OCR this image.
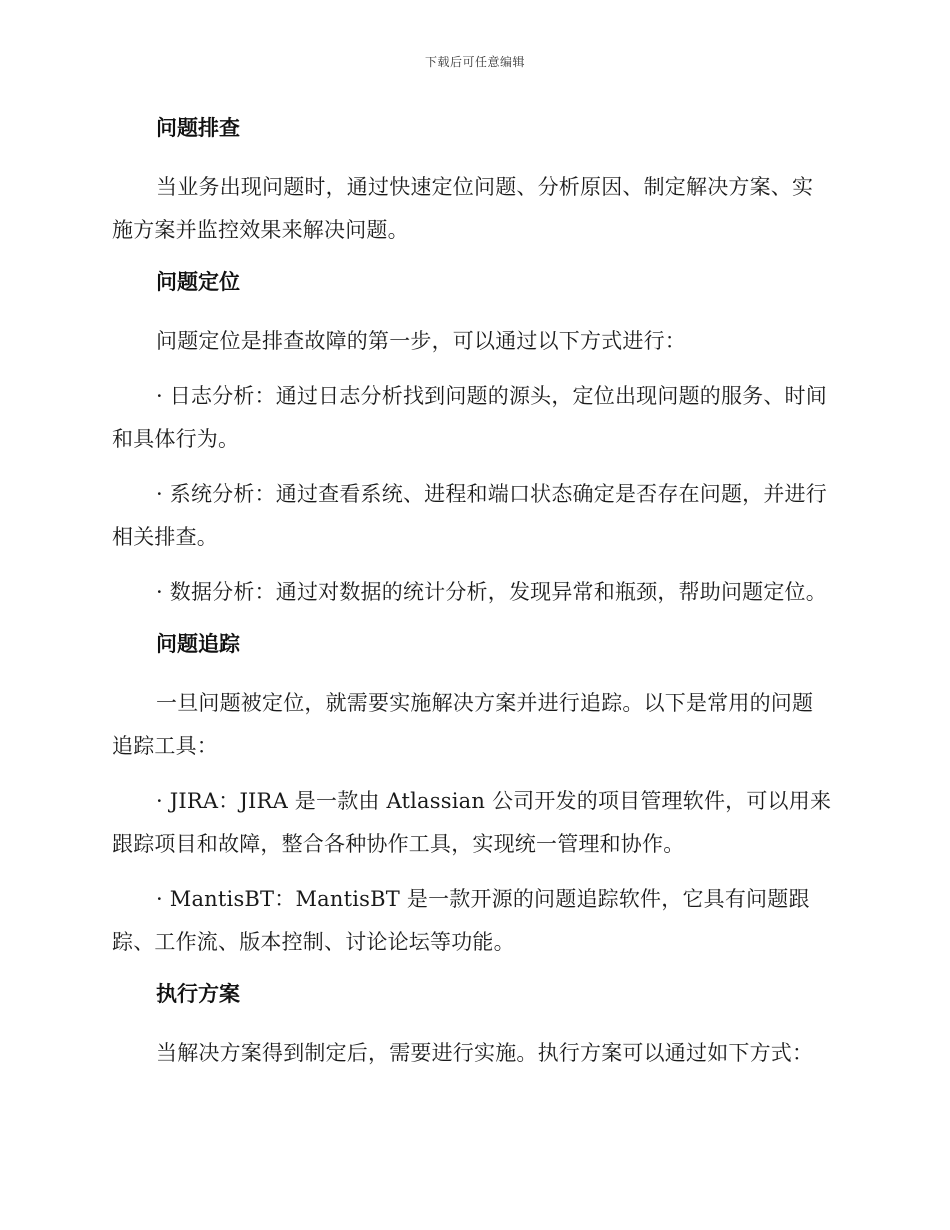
下载后可任意编辑
问题排查

当业务出现问题时，通过快速定位问题、分析原因、制定解决方案、实施方案并监控效果来解决问题。

问题定位

问题定位是排查故障的第一步，可以通过以下方式进行：

· 日志分析：通过日志分析找到问题的源头，定位出现问题的服务、时间和具体行为。

· 系统分析：通过查看系统、进程和端口状态确定是否存在问题，并进行相关排查。

· 数据分析：通过对数据的统计分析，发现异常和瓶颈，帮助问题定位。

问题追踪

一旦问题被定位，就需要实施解决方案并进行追踪。以下是常用的问题追踪工具：

· JIRA：JIRA 是一款由 Atlassian 公司开发的项目管理软件，可以用来跟踪项目和故障，整合各种协作工具，实现统一管理和协作。

· MantisBT：MantisBT 是一款开源的问题追踪软件，它具有问题跟踪、工作流、版本控制、讨论论坛等功能。

执行方案

当解决方案得到制定后，需要进行实施。执行方案可以通过如下方式：
